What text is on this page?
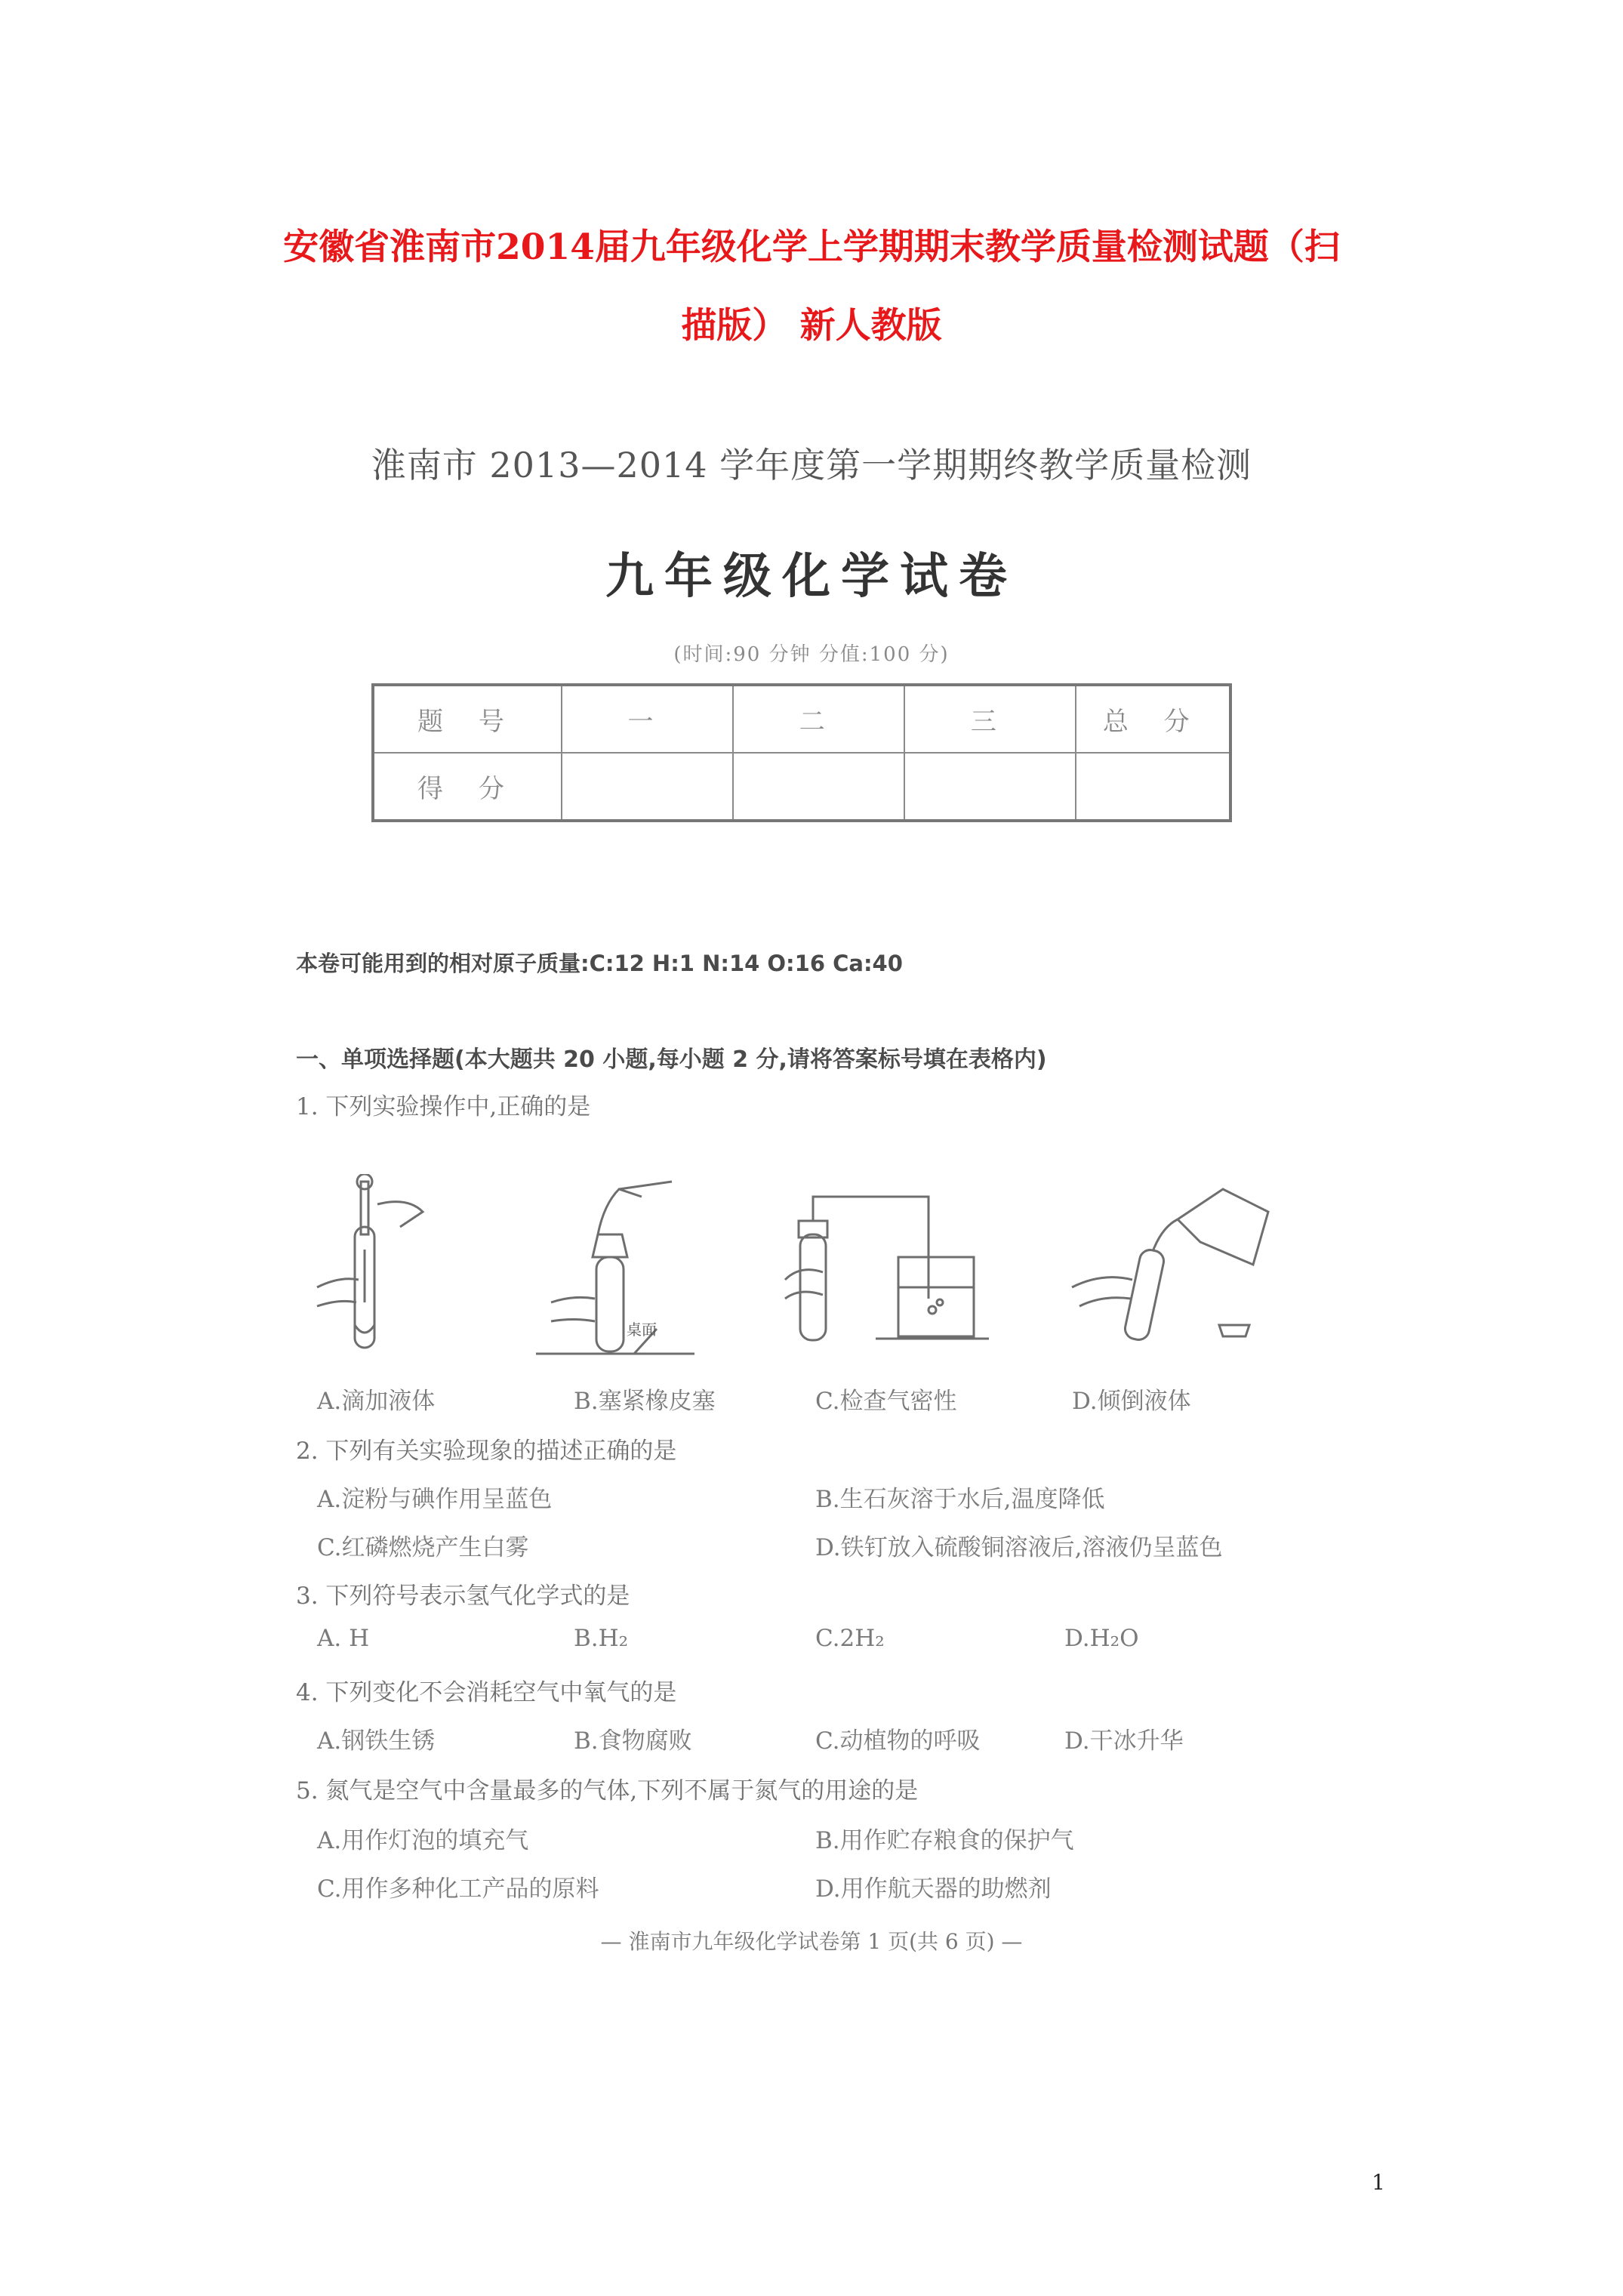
安徽省淮南市2014届九年级化学上学期期末教学质量检测试题（扫
描版） 新人教版
淮南市 2013—2014 学年度第一学期期终教学质量检测
九年级化学试卷
(时间:90 分钟 分值:100 分)
题 号	一	二	三	总 分
得 分				
本卷可能用到的相对原子质量:C:12 H:1 N:14 O:16 Ca:40
一、单项选择题(本大题共 20 小题,每小题 2 分,请将答案标号填在表格内)
1. 下列实验操作中,正确的是
桌面
A.滴加液体	B.塞紧橡皮塞	C.检查气密性	D.倾倒液体
2. 下列有关实验现象的描述正确的是
A.淀粉与碘作用呈蓝色	B.生石灰溶于水后,温度降低
C.红磷燃烧产生白雾	D.铁钉放入硫酸铜溶液后,溶液仍呈蓝色
3. 下列符号表示氢气化学式的是
A. H	B.H₂	C.2H₂	D.H₂O
4. 下列变化不会消耗空气中氧气的是
A.钢铁生锈	B.食物腐败	C.动植物的呼吸	D.干冰升华
5. 氮气是空气中含量最多的气体,下列不属于氮气的用途的是
A.用作灯泡的填充气	B.用作贮存粮食的保护气
C.用作多种化工产品的原料	D.用作航天器的助燃剂
— 淮南市九年级化学试卷第 1 页(共 6 页) —
1
